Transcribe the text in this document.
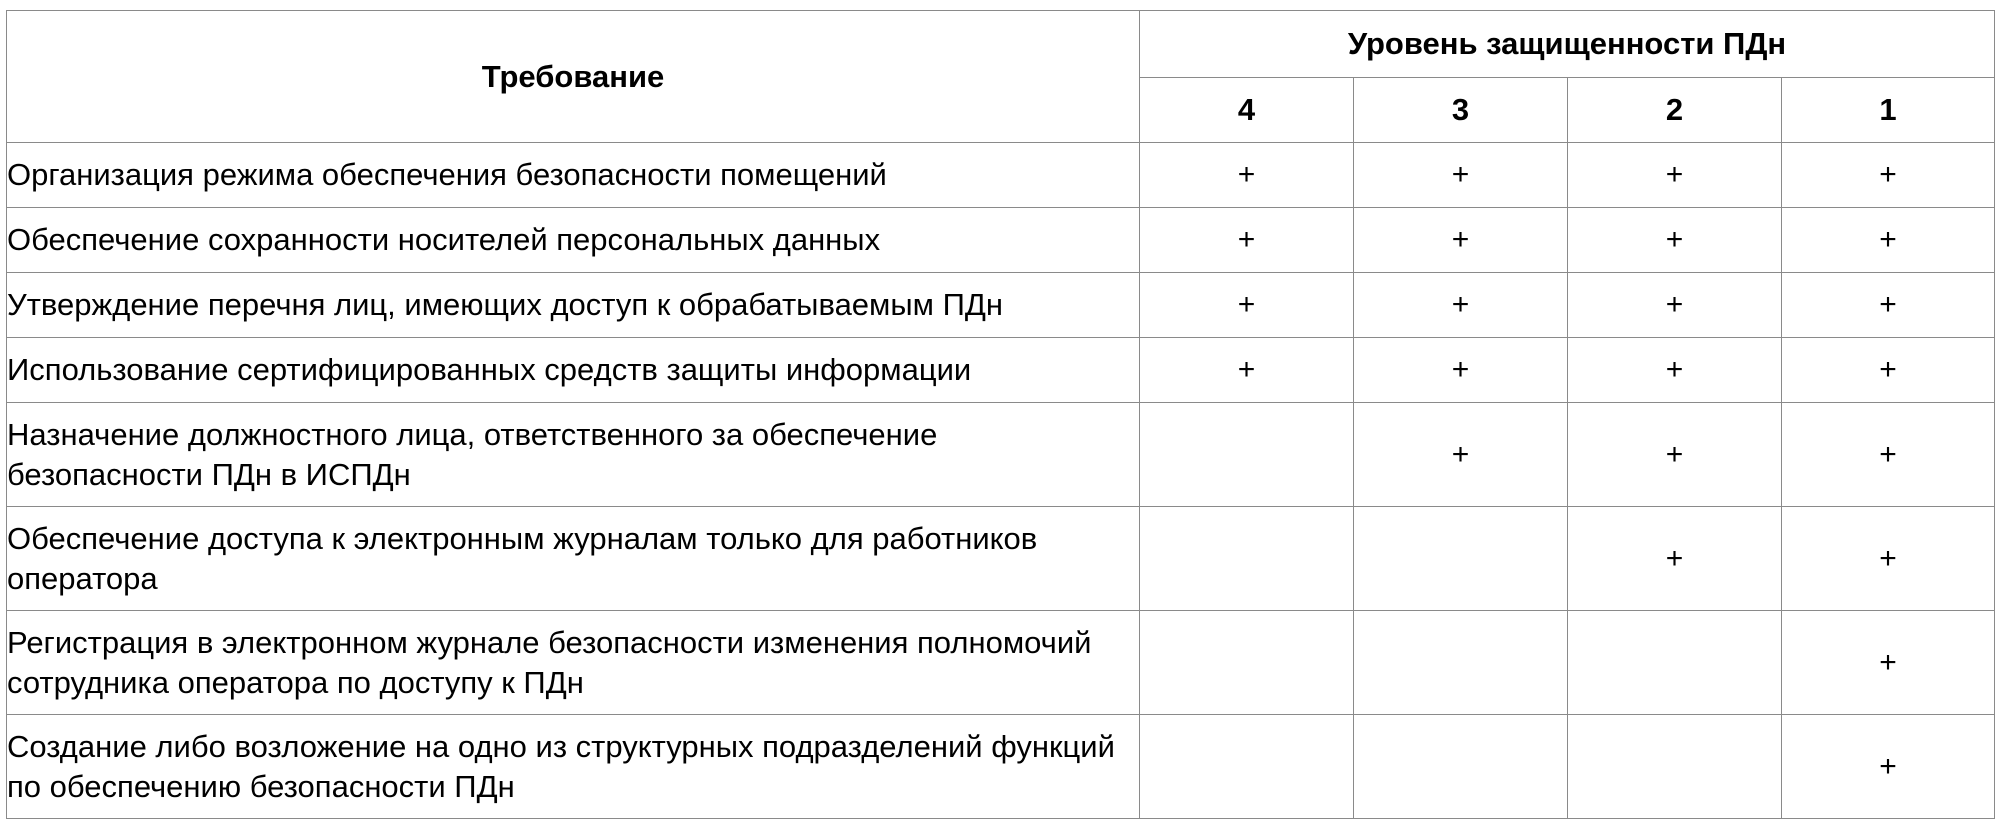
Требование	Уровень защищенности ПДн			
	4	3	2	1
Организация режима обеспечения безопасности помещений	+	+	+	+
Обеспечение сохранности носителей персональных данных	+	+	+	+
Утверждение перечня лиц, имеющих доступ к обрабатываемым ПДн	+	+	+	+
Использование сертифицированных средств защиты информации	+	+	+	+
Назначение должностного лица, ответственного за обеспечение безопасности ПДн в ИСПДн		+	+	+
Обеспечение доступа к электронным журналам только для работников оператора			+	+
Регистрация в электронном журнале безопасности изменения полномочий сотрудника оператора по доступу к ПДн				+
Создание либо возложение на одно из структурных подразделений функций по обеспечению безопасности ПДн				+
